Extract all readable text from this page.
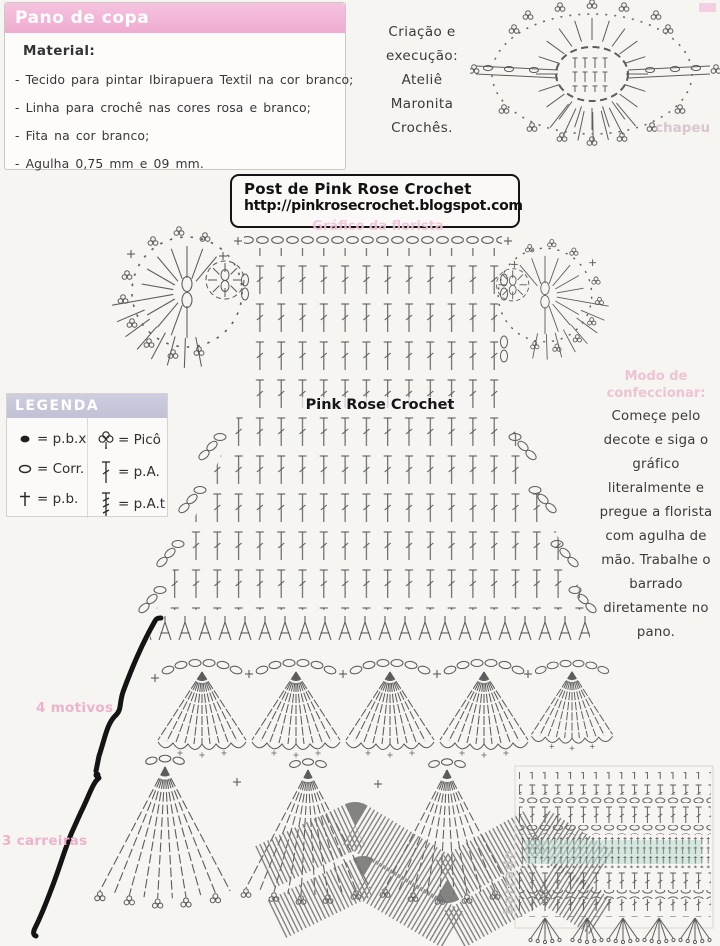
Pano de copa
Material:
- Tecido para pintar Ibirapuera Textil na cor branco;
- Linha para crochê nas cores rosa e branco;
- Fita na cor branco;
- Agulha 0,75 mm e 09 mm.
Criação e
execução:
Ateliê
Maronita
Crochês.	chapeu
Post de Pink Rose Crochet
http://pinkrosecrochet.blogspot.com
Gráfico da florista
Pink Rose Crochet
LEGENDA
= p.b.x
= Corr.
= p.b.
= Picô
= p.A.
= p.A.t
Modo de
confeccionar:
Começe pelo
decote e siga o
gráfico
literalmente e
pregue a florista
com agulha de
mão. Trabalhe o
barrado
diretamente no
pano.
4 motivos
3 carreiras
barrado
